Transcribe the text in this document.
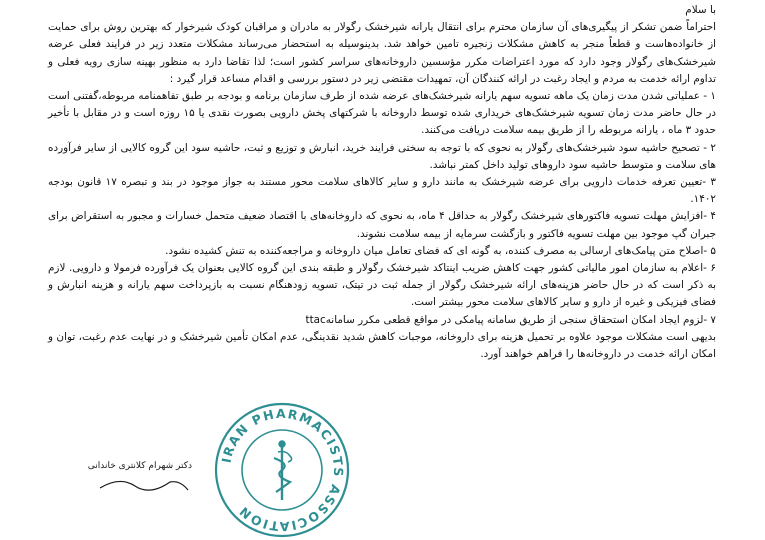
با سلام

احتراماً ضمن تشکر از پیگیری‌های آن سازمان محترم برای انتقال یارانه شیرخشک رگولار به مادران و مراقبان کودک شیرخوار که بهترین روش برای حمایت از خانواده‌هاست و قطعاً منجر به کاهش مشکلات زنجیره تامین خواهد شد. بدینوسیله به استحضار می‌رساند مشکلات متعدد زیر در فرایند فعلی عرضه شیرخشک‌های رگولار وجود دارد که مورد اعتراضات مکرر مؤسسین داروخانه‌های سراسر کشور است؛ لذا تقاضا دارد به منظور بهینه سازی رویه فعلی و تداوم ارائه خدمت به مردم و ایجاد رغبت در ارائه کنندگان آن، تمهیدات مقتضی زیر در دستور بررسی و اقدام مساعد قرار گیرد :

۱ - عملیاتی شدن مدت زمان یک ماهه تسویه سهم یارانه شیرخشک‌های عرضه شده از طرف سازمان برنامه و بودجه بر طبق تفاهمنامه مربوطه،گفتنی است در حال حاضر مدت زمان تسویه شیرخشک‌های خریداری شده توسط داروخانه با شرکتهای پخش دارویی بصورت نقدی یا ۱۵ روزه است و در مقابل با تأخیر حدود ۳ ماه ، یارانه مربوطه را از طریق بیمه سلامت دریافت می‌کنند.

۲ - تصحیح حاشیه سود شیرخشک‌های رگولار به نحوی که با توجه به سختی فرایند خرید، انبارش و توزیع و ثبت، حاشیه سود این گروه کالایی از سایر فرآورده های سلامت و متوسط حاشیه سود داروهای تولید داخل کمتر نباشد.

۳ -تعیین تعرفه خدمات دارویی برای عرضه شیرخشک به مانند دارو و سایر کالاهای سلامت محور مستند به جواز موجود در بند و تبصره ۱۷ قانون بودجه ۱۴۰۲.

۴ -افزایش مهلت تسویه فاکتورهای شیرخشک رگولار به حداقل ۴ ماه، به نحوی که داروخانه‌های با اقتصاد ضعیف متحمل خسارات و مجبور به استقراض برای جبران گپ موجود بین مهلت تسویه فاکتور و بازگشت سرمایه از بیمه سلامت نشوند.

۵ -اصلاح متن پیامک‌های ارسالی به مصرف کننده، به گونه ای که فضای تعامل میان داروخانه و مراجعه‌کننده به تنش کشیده نشود.

۶ -اعلام به سازمان امور مالیاتی کشور جهت کاهش ضریب اینتاکد شیرخشک رگولار و طبقه بندی این گروه کالایی بعنوان یک فرآورده فرمولا و دارویی. لازم به ذکر است که در حال حاضر هزینه‌های ارائه شیرخشک رگولار از جمله ثبت در تیتک، تسویه زودهنگام نسبت به بازپرداخت سهم یارانه و هزینه انبارش و فضای فیزیکی و غیره از دارو و سایر کالاهای سلامت محور بیشتر است.

۷ -لزوم ایجاد امکان استحقاق سنجی از طریق سامانه پیامکی در مواقع قطعی مکرر سامانهttac

بدیهی است مشکلات موجود علاوه بر تحمیل هزینه برای داروخانه، موجبات کاهش شدید نقدینگی، عدم امکان تأمین شیرخشک و در نهایت عدم رغبت، توان و امکان ارائه خدمت در داروخانه‌ها را فراهم خواهند آورد.

IRAN PHARMACISTS ASSOCIATION
دکتر شهرام کلانتری خاندانی
